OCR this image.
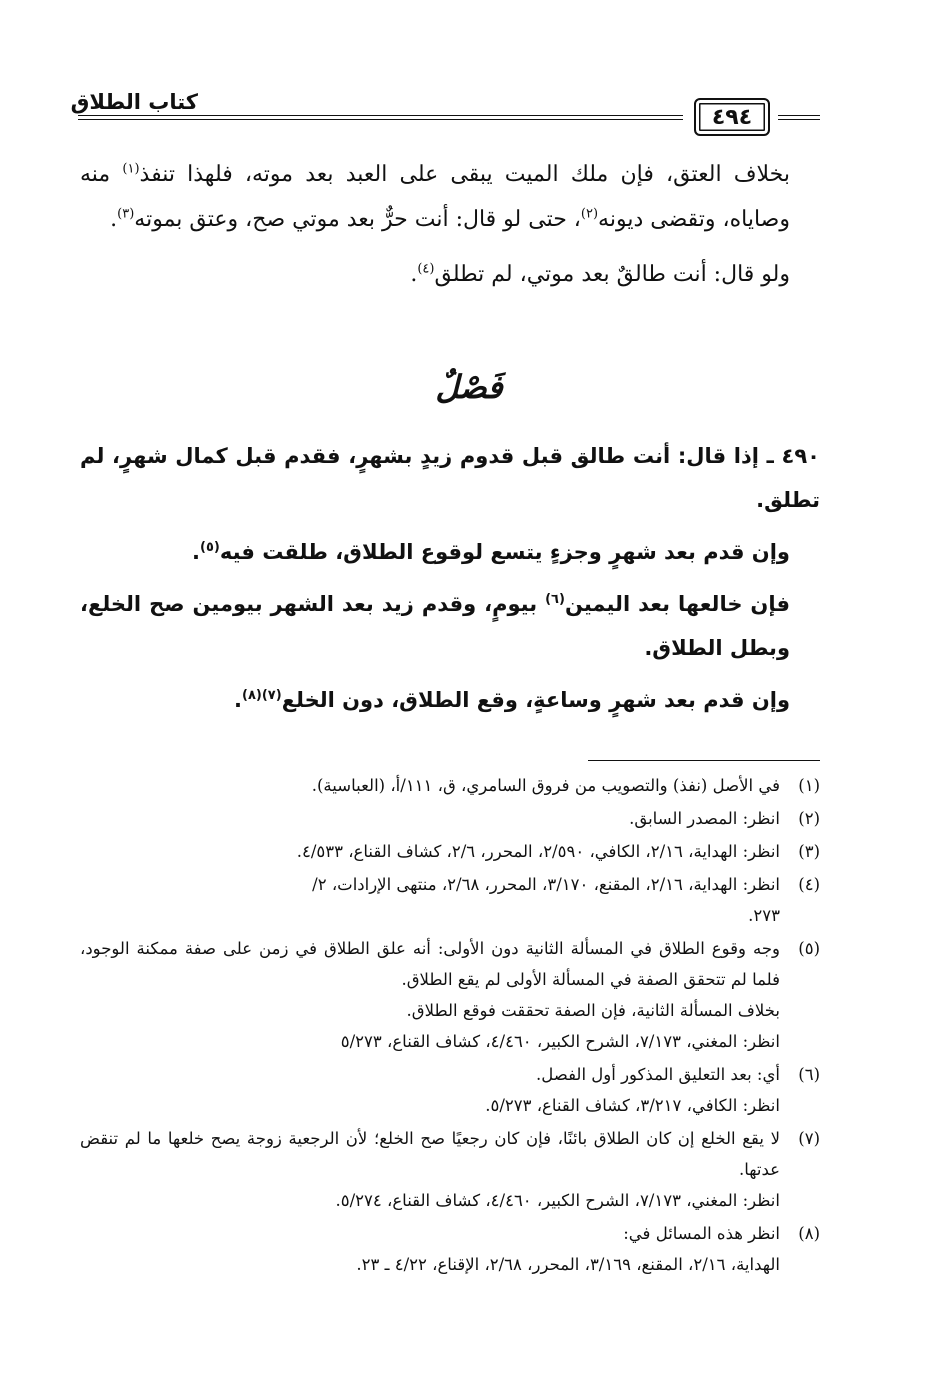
كتاب الطلاق
٤٩٤

بخلاف العتق، فإن ملك الميت يبقى على العبد بعد موته، فلهذا تنفذ$^{(١)}$ منه وصاياه، وتقضى ديونه$^{(٢)}$، حتى لو قال: أنت حرٌّ بعد موتي صح، وعتق بموته$^{(٣)}$.

ولو قال: أنت طالقٌ بعد موتي، لم تطلق$^{(٤)}$.

فَصْلٌ

٤٩٠ ـ إذا قال: أنت طالق قبل قدوم زيدٍ بشهرٍ، فقدم قبل كمال شهرٍ، لم تطلق.

وإن قدم بعد شهرٍ وجزءٍ يتسع لوقوع الطلاق، طلقت فيه$^{(٥)}$.

فإن خالعها بعد اليمين$^{(٦)}$ بيومٍ، وقدم زيد بعد الشهر بيومين صح الخلع، وبطل الطلاق.

وإن قدم بعد شهرٍ وساعةٍ، وقع الطلاق، دون الخلع$^{(٧)(٨)}$.

(١)
في الأصل (نفذ) والتصويب من فروق السامري، ق، ١١١/أ، (العباسية).
(٢)
انظر: المصدر السابق.
(٣)
انظر: الهداية، ٢/١٦، الكافي، ٢/٥٩٠، المحرر، ٢/٦، كشاف القناع، ٤/٥٣٣.
(٤)
انظر: الهداية، ٢/١٦، المقنع، ٣/١٧٠، المحرر، ٢/٦٨، منتهى الإرادات، ٢/
٢٧٣.
(٥)
وجه وقوع الطلاق في المسألة الثانية دون الأولى: أنه علق الطلاق في زمن على صفة ممكنة الوجود، فلما لم تتحقق الصفة في المسألة الأولى لم يقع الطلاق.
بخلاف المسألة الثانية، فإن الصفة تحققت فوقع الطلاق.
انظر: المغني، ٧/١٧٣، الشرح الكبير، ٤/٤٦٠، كشاف القناع، ٥/٢٧٣
(٦)
أي: بعد التعليق المذكور أول الفصل.
انظر: الكافي، ٣/٢١٧، كشاف القناع، ٥/٢٧٣.
(٧)
لا يقع الخلع إن كان الطلاق بائنًا، فإن كان رجعيًا صح الخلع؛ لأن الرجعية زوجة يصح خلعها ما لم تنقض عدتها.
انظر: المغني، ٧/١٧٣، الشرح الكبير، ٤/٤٦٠، كشاف القناع، ٥/٢٧٤.
(٨)
انظر هذه المسائل في:
الهداية، ٢/١٦، المقنع، ٣/١٦٩، المحرر، ٢/٦٨، الإقناع، ٤/٢٢ ـ ٢٣.
